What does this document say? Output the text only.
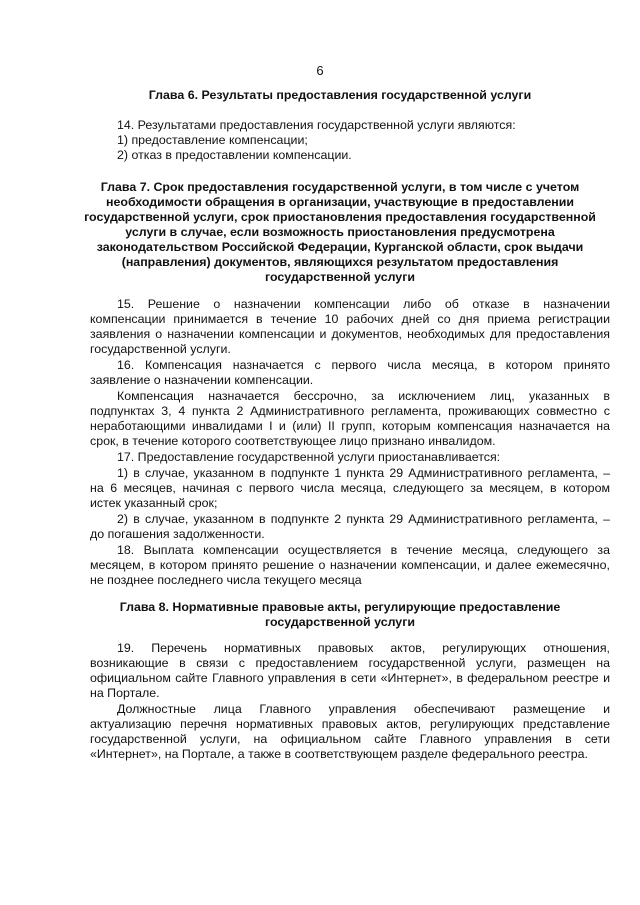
6
Глава 6. Результаты предоставления государственной услуги
14. Результатами предоставления государственной услуги являются:
1) предоставление компенсации;
2) отказ в предоставлении компенсации.
Глава 7. Срок предоставления государственной услуги, в том числе с учетом
необходимости обращения в организации, участвующие в предоставлении
государственной услуги, срок приостановления предоставления государственной
услуги в случае, если возможность приостановления предусмотрена
законодательством Российской Федерации, Курганской области, срок выдачи
(направления) документов, являющихся результатом предоставления
государственной услуги
15. Решение о назначении компенсации либо об отказе в назначении
компенсации принимается в течение 10 рабочих дней со дня приема регистрации
заявления о назначении компенсации и документов, необходимых для предоставления
государственной услуги.
16. Компенсация назначается с первого числа месяца, в котором принято
заявление о назначении компенсации.
Компенсация назначается бессрочно, за исключением лиц, указанных в
подпунктах 3, 4 пункта 2 Административного регламента, проживающих совместно с
неработающими инвалидами I и (или) II групп, которым компенсация назначается на
срок, в течение которого соответствующее лицо признано инвалидом.
17. Предоставление государственной услуги приостанавливается:
1) в случае, указанном в подпункте 1 пункта 29 Административного регламента, –
на 6 месяцев, начиная с первого числа месяца, следующего за месяцем, в котором
истек указанный срок;
2) в случае, указанном в подпункте 2 пункта 29 Административного регламента, –
до погашения задолженности.
18. Выплата компенсации осуществляется в течение месяца, следующего за
месяцем, в котором принято решение о назначении компенсации, и далее ежемесячно,
не позднее последнего числа текущего месяца
Глава 8. Нормативные правовые акты, регулирующие предоставление
государственной услуги
19. Перечень нормативных правовых актов, регулирующих отношения,
возникающие в связи с предоставлением государственной услуги, размещен на
официальном сайте Главного управления в сети «Интернет», в федеральном реестре и
на Портале.
Должностные лица Главного управления обеспечивают размещение и
актуализацию перечня нормативных правовых актов, регулирующих представление
государственной услуги, на официальном сайте Главного управления в сети
«Интернет», на Портале, а также в соответствующем разделе федерального реестра.
